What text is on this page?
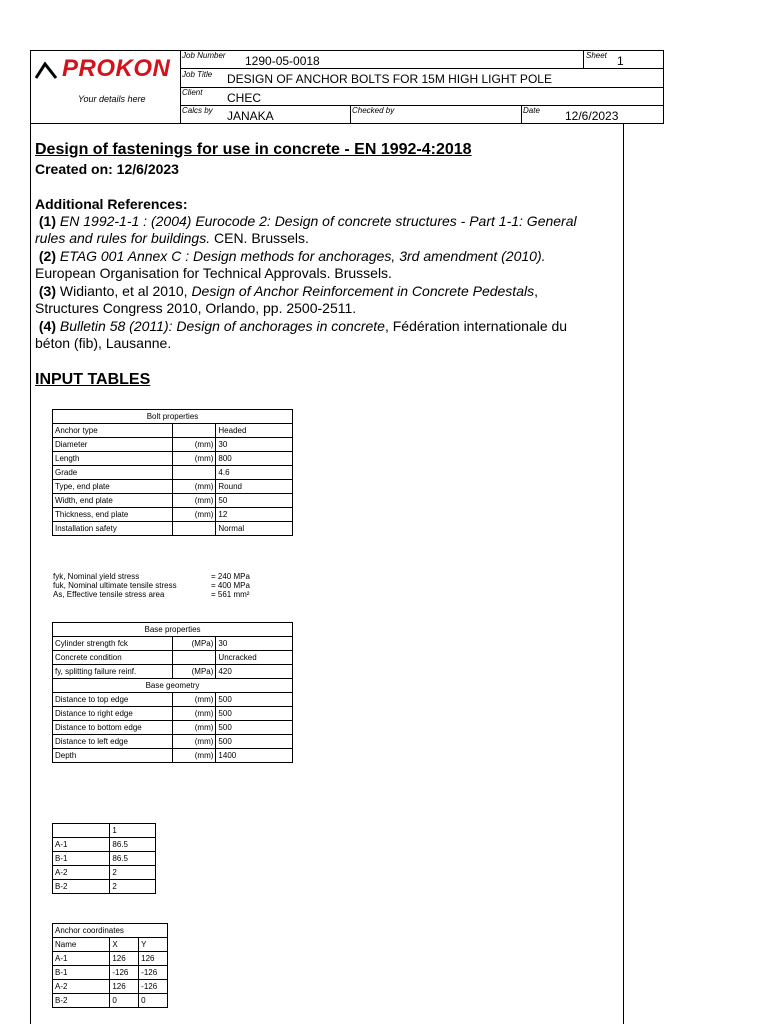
PROKON
Your details here
Job Number 1290-05-0018	Sheet 1
Job Title DESIGN OF ANCHOR BOLTS FOR 15M HIGH LIGHT POLE
Client CHEC
Calcs by JANAKA	Checked by	Date 12/6/2023
Design of fastenings for use in concrete - EN 1992-4:2018
Created on: 12/6/2023
Additional References:
(1) EN 1992-1-1 : (2004) Eurocode 2: Design of concrete structures - Part 1-1: General rules and rules for buildings. CEN. Brussels.
(2) ETAG 001 Annex C : Design methods for anchorages, 3rd amendment (2010). European Organisation for Technical Approvals. Brussels.
(3) Widianto, et al 2010, Design of Anchor Reinforcement in Concrete Pedestals, Structures Congress 2010, Orlando, pp. 2500-2511.
(4) Bulletin 58 (2011): Design of anchorages in concrete, Fédération internationale du béton (fib), Lausanne.
INPUT TABLES
Bolt properties		
Anchor type		Headed
Diameter	(mm)	30
Length	(mm)	800
Grade		4.6
Type, end plate	(mm)	Round
Width, end plate	(mm)	50
Thickness, end plate	(mm)	12
Installation safety		Normal
fyk, Nominal yield stress	= 240 MPa
fuk, Nominal ultimate tensile stress	= 400 MPa
As, Effective tensile stress area	= 561 mm²
Base properties		
Cylinder strength fck	(MPa)	30
Concrete condition		Uncracked
fy, splitting failure reinf.	(MPa)	420
Base geometry		
Distance to top edge	(mm)	500
Distance to right edge	(mm)	500
Distance to bottom edge	(mm)	500
Distance to left edge	(mm)	500
Depth	(mm)	1400
	1
A-1	86.5
B-1	86.5
A-2	2
B-2	2
Anchor coordinates		
Name	X	Y
A-1	126	126
B-1	-126	-126
A-2	126	-126
B-2	0	0
